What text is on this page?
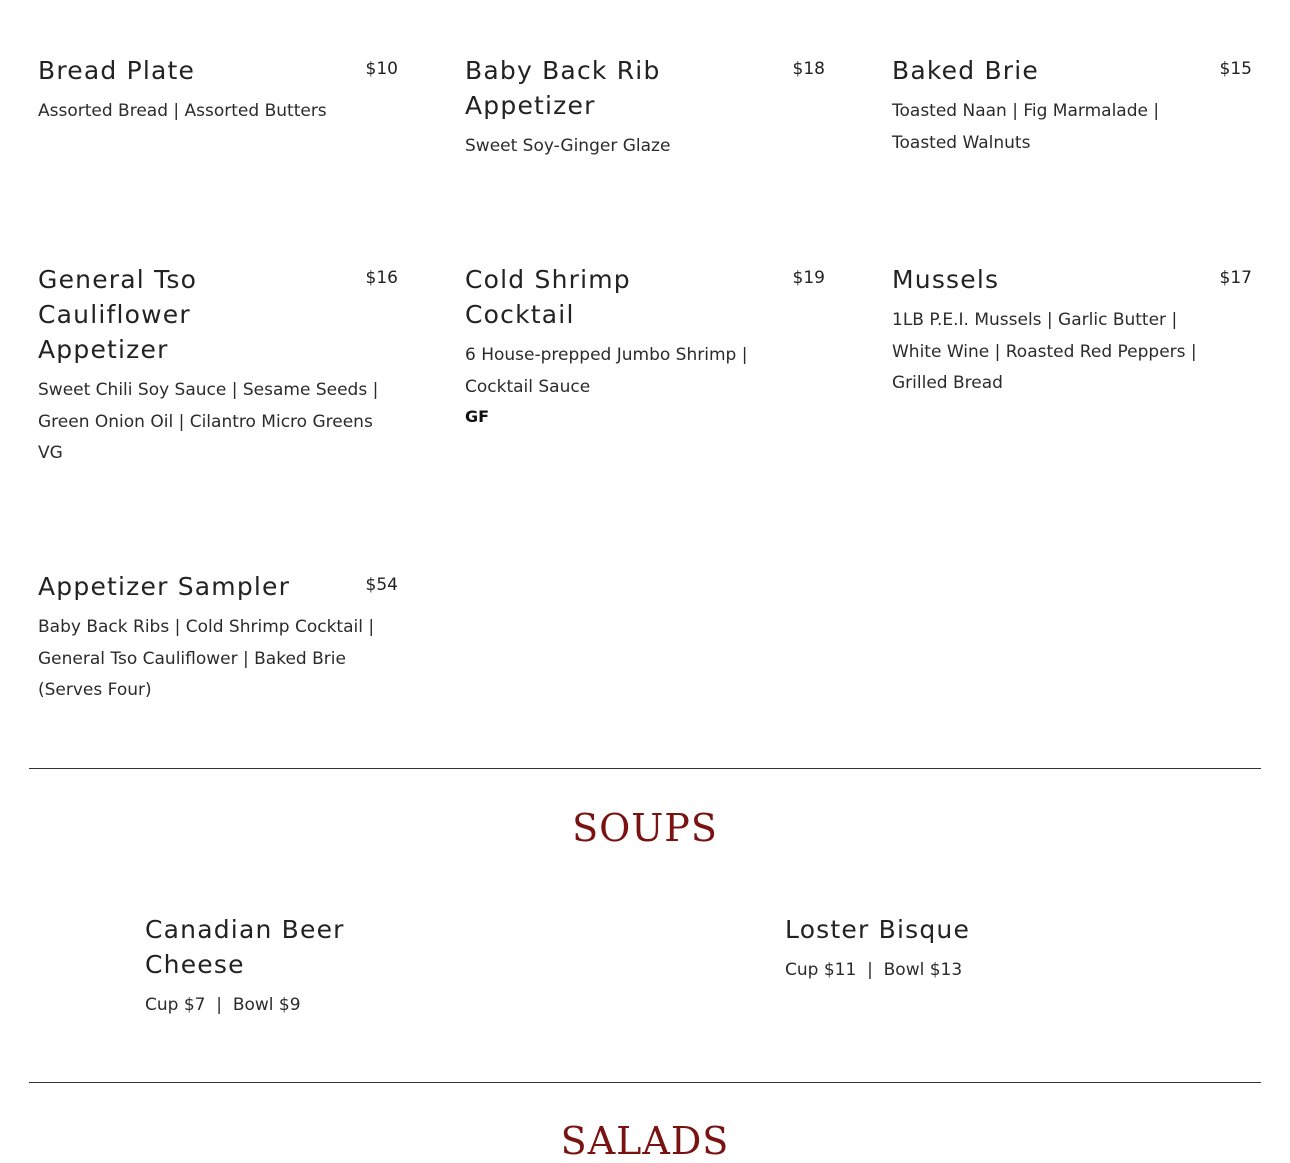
Bread Plate	$10
Assorted Bread | Assorted Butters
Baby Back Rib
Appetizer
$18
Sweet Soy-Ginger Glaze
Baked Brie	$15
Toasted Naan | Fig Marmalade |
Toasted Walnuts
General Tso
Cauliflower
Appetizer
$16
Sweet Chili Soy Sauce | Sesame Seeds |
Green Onion Oil | Cilantro Micro Greens
VG
Cold Shrimp
Cocktail
$19
6 House-prepped Jumbo Shrimp |
Cocktail Sauce
GF
Mussels	$17
1LB P.E.I. Mussels | Garlic Butter |
White Wine | Roasted Red Peppers |
Grilled Bread
Appetizer Sampler	$54
Baby Back Ribs | Cold Shrimp Cocktail |
General Tso Cauliflower | Baked Brie
(Serves Four)
SOUPS
Canadian Beer
Cheese
Cup $7  |  Bowl $9
Loster Bisque
Cup $11  |  Bowl $13
SALADS
